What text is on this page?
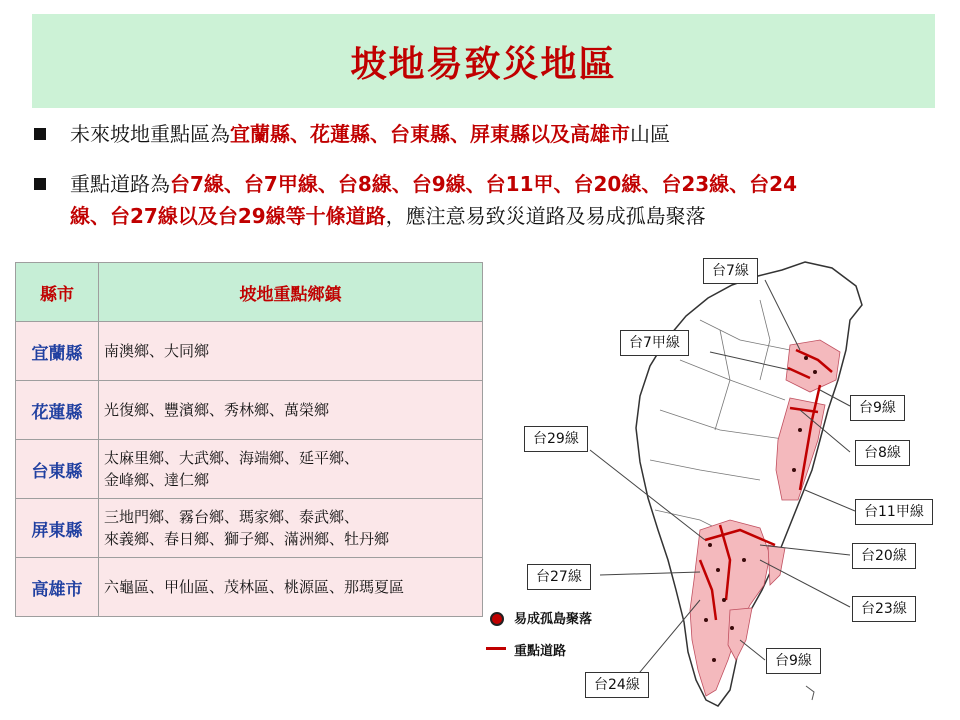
坡地易致災地區
未來坡地重點區為宜蘭縣、花蓮縣、台東縣、屏東縣以及高雄市山區
重點道路為台7線、台7甲線、台8線、台9線、台11甲、台20線、台23線、台24
線、台27線以及台29線等十條道路，應注意易致災道路及易成孤島聚落
縣市	坡地重點鄉鎮
宜蘭縣	南澳鄉、大同鄉

花蓮縣	光復鄉、豐濱鄉、秀林鄉、萬榮鄉

台東縣	太麻里鄉、大武鄉、海端鄉、延平鄉、
金峰鄉、達仁鄉

屏東縣	三地門鄉、霧台鄉、瑪家鄉、泰武鄉、
來義鄉、春日鄉、獅子鄉、滿洲鄉、牡丹鄉

高雄市	六龜區、甲仙區、茂林區、桃源區、那瑪夏區
台7線
台7甲線
台9線
台8線
台29線
台11甲線
台20線
台27線
台23線
台9線
台24線
易成孤島聚落
重點道路
